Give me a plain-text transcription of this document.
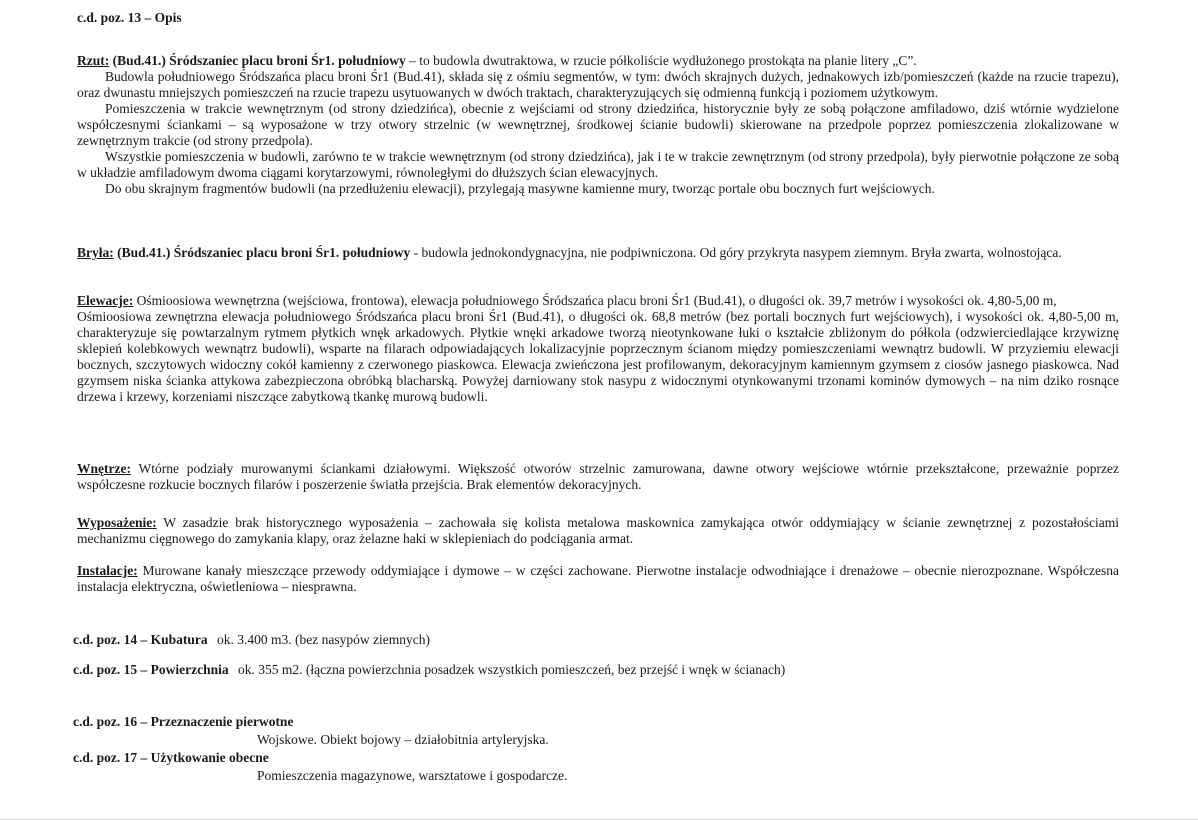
c.d. poz. 13 – Opis
Rzut: (Bud.41.) Śródszaniec placu broni Śr1. południowy – to budowla dwutraktowa, w rzucie półkoliście wydłużonego prostokąta na planie litery „C”.
Budowla południowego Śródszańca placu broni Śr1 (Bud.41), składa się z ośmiu segmentów, w tym: dwóch skrajnych dużych, jednakowych izb/pomieszczeń (każde na rzucie trapezu), oraz dwunastu mniejszych pomieszczeń na rzucie trapezu usytuowanych w dwóch traktach, charakteryzujących się odmienną funkcją i poziomem użytkowym.
Pomieszczenia w trakcie wewnętrznym (od strony dziedzińca), obecnie z wejściami od strony dziedzińca, historycznie były ze sobą połączone amfiladowo, dziś wtórnie wydzielone współczesnymi ściankami – są wyposażone w trzy otwory strzelnic (w wewnętrznej, środkowej ścianie budowli) skierowane na przedpole poprzez pomieszczenia zlokalizowane w zewnętrznym trakcie (od strony przedpola).
Wszystkie pomieszczenia w budowli, zarówno te w trakcie wewnętrznym (od strony dziedzińca), jak i te w trakcie zewnętrznym (od strony przedpola), były pierwotnie połączone ze sobą w układzie amfiladowym dwoma ciągami korytarzowymi, równoległymi do dłuższych ścian elewacyjnych.
Do obu skrajnym fragmentów budowli (na przedłużeniu elewacji), przylegają masywne kamienne mury, tworząc portale obu bocznych furt wejściowych.
Bryła: (Bud.41.) Śródszaniec placu broni Śr1. południowy - budowla jednokondygnacyjna, nie podpiwniczona. Od góry przykryta nasypem ziemnym. Bryła zwarta, wolnostojąca.
Elewacje: Ośmioosiowa wewnętrzna (wejściowa, frontowa), elewacja południowego Śródszańca placu broni Śr1 (Bud.41), o długości ok. 39,7 metrów i wysokości ok. 4,80-5,00 m,
Ośmioosiowa zewnętrzna elewacja południowego Śródszańca placu broni Śr1 (Bud.41), o długości ok. 68,8 metrów (bez portali bocznych furt wejściowych), i wysokości ok. 4,80-5,00 m, charakteryzuje się powtarzalnym rytmem płytkich wnęk arkadowych. Płytkie wnęki arkadowe tworzą nieotynkowane łuki o kształcie zbliżonym do półkola (odzwierciedlające krzywiznę sklepień kolebkowych wewnątrz budowli), wsparte na filarach odpowiadających lokalizacyjnie poprzecznym ścianom między pomieszczeniami wewnątrz budowli. W przyziemiu elewacji bocznych, szczytowych widoczny cokół kamienny z czerwonego piaskowca. Elewacja zwieńczona jest profilowanym, dekoracyjnym kamiennym gzymsem z ciosów jasnego piaskowca. Nad gzymsem niska ścianka attykowa zabezpieczona obróbką blacharską. Powyżej darniowany stok nasypu z widocznymi otynkowanymi trzonami kominów dymowych – na nim dziko rosnące drzewa i krzewy, korzeniami niszczące zabytkową tkankę murową budowli.
Wnętrze: Wtórne podziały murowanymi ściankami działowymi. Większość otworów strzelnic zamurowana, dawne otwory wejściowe wtórnie przekształcone, przeważnie poprzez współczesne rozkucie bocznych filarów i poszerzenie światła przejścia. Brak elementów dekoracyjnych.
Wyposażenie: W zasadzie brak historycznego wyposażenia – zachowała się kolista metalowa maskownica zamykająca otwór oddymiający w ścianie zewnętrznej z pozostałościami mechanizmu cięgnowego do zamykania klapy, oraz żelazne haki w sklepieniach do podciągania armat.
Instalacje: Murowane kanały mieszczące przewody oddymiające i dymowe – w części zachowane. Pierwotne instalacje odwodniające i drenażowe – obecnie nierozpoznane. Współczesna instalacja elektryczna, oświetleniowa – niesprawna.
c.d. poz. 14 – Kubatura ok. 3.400 m3. (bez nasypów ziemnych)
c.d. poz. 15 – Powierzchnia ok. 355 m2. (łączna powierzchnia posadzek wszystkich pomieszczeń, bez przejść i wnęk w ścianach)
c.d. poz. 16 – Przeznaczenie pierwotne
Wojskowe. Obiekt bojowy – działobitnia artyleryjska.
c.d. poz. 17 – Użytkowanie obecne
Pomieszczenia magazynowe, warsztatowe i gospodarcze.
